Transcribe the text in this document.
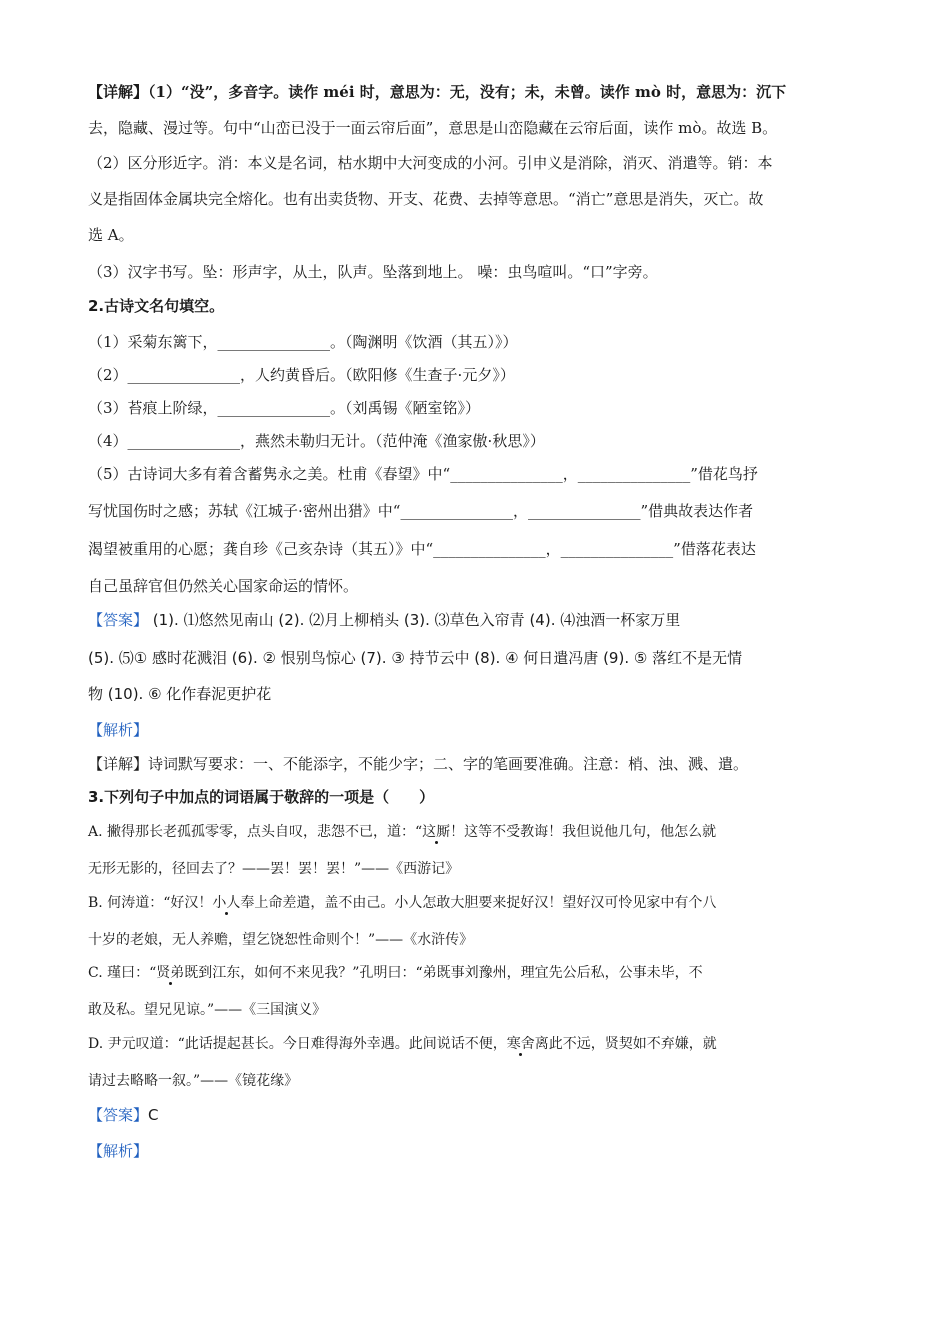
【详解】（1）“没”，多音字。读作 méi 时，意思为：无，没有；未，未曾。读作 mò 时，意思为：沉下
去，隐藏、漫过等。句中“山峦已没于一面云帘后面”，意思是山峦隐藏在云帘后面，读作 mò。故选 B。
（2）区分形近字。消：本义是名词，枯水期中大河变成的小河。引申义是消除，消灭、消遣等。销：本
义是指固体金属块完全熔化。也有出卖货物、开支、花费、去掉等意思。“消亡”意思是消失，灭亡。故
选 A。
（3）汉字书写。坠：形声字，从土，队声。坠落到地上。 噪：虫鸟喧叫。“口”字旁。
2.古诗文名句填空。
（1）采菊东篱下，_______________。（陶渊明《饮酒（其五）》）
（2）_______________，人约黄昏后。（欧阳修《生查子·元夕》）
（3）苔痕上阶绿，_______________。（刘禹锡《陋室铭》）
（4）_______________，燕然未勒归无计。（范仲淹《渔家傲·秋思》）
（5）古诗词大多有着含蓄隽永之美。杜甫《春望》中“_______________，_______________”借花鸟抒
写忧国伤时之感；苏轼《江城子·密州出猎》中“_______________，_______________”借典故表达作者
渴望被重用的心愿；龚自珍《己亥杂诗（其五）》中“_______________，_______________”借落花表达
自己虽辞官但仍然关心国家命运的情怀。
【答案】 (1). ⑴悠然见南山 (2). ⑵月上柳梢头 (3). ⑶草色入帘青 (4). ⑷浊酒一杯家万里
(5). ⑸① 感时花溅泪 (6). ② 恨别鸟惊心 (7). ③ 持节云中 (8). ④ 何日遣冯唐 (9). ⑤ 落红不是无情
物 (10). ⑥ 化作春泥更护花
【解析】
【详解】诗词默写要求：一、不能添字，不能少字；二、字的笔画要准确。注意：梢、浊、溅、遣。
3.下列句子中加点的词语属于敬辞的一项是（　　）
A. 撇得那长老孤孤零零，点头自叹，悲怨不已，道：“这厮！这等不受教诲！我但说他几句，他怎么就
无形无影的，径回去了？——罢！罢！罢！”——《西游记》
B. 何涛道：“好汉！小人奉上命差遣，盖不由己。小人怎敢大胆要来捉好汉！望好汉可怜见家中有个八
十岁的老娘，无人养赡，望乞饶恕性命则个！”——《水浒传》
C. 瑾曰：“贤弟既到江东，如何不来见我？”孔明曰：“弟既事刘豫州，理宜先公后私，公事未毕，不
敢及私。望兄见谅。”——《三国演义》
D. 尹元叹道：“此话提起甚长。今日难得海外幸遇。此间说话不便，寒舍离此不远，贤契如不弃嫌，就
请过去略略一叙。”——《镜花缘》
【答案】C
【解析】
